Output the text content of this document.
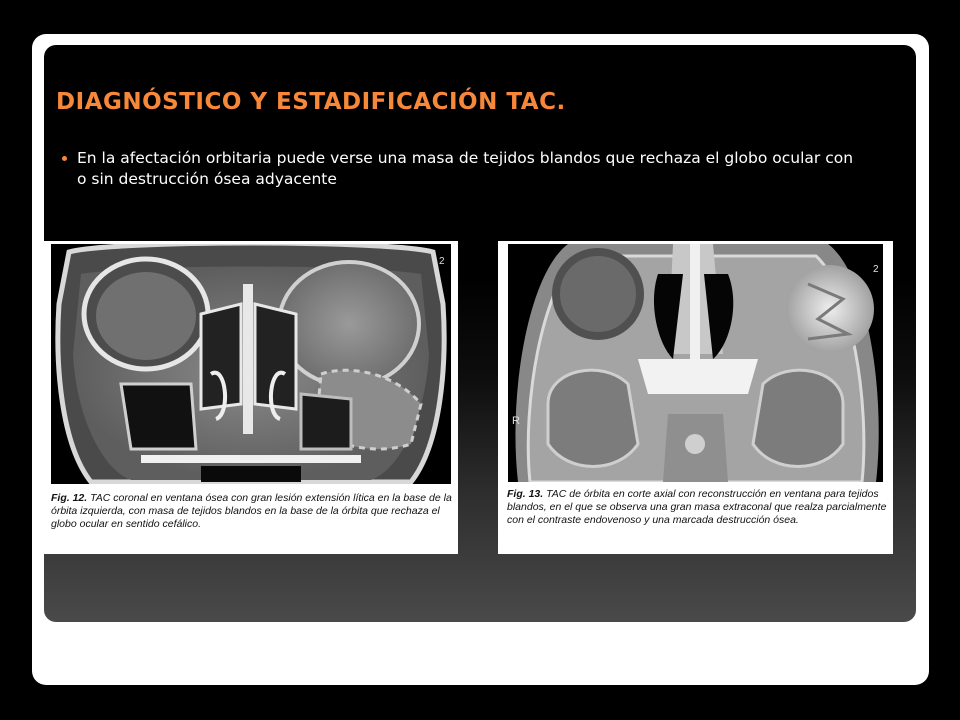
DIAGNÓSTICO Y ESTADIFICACIÓN TAC.

En la afectación orbitaria puede verse una masa de tejidos blandos que rechaza el globo ocular con o sin destrucción ósea adyacente

2

Fig. 12. TAC coronal en ventana ósea con gran lesión extensión lítica en la base de la órbita izquierda, con masa de tejidos blandos en la base de la órbita que rechaza el globo ocular en sentido cefálico.

2
R

Fig. 13. TAC de órbita en corte axial con reconstrucción en ventana para tejidos blandos, en el que se observa una gran masa extraconal que realza parcialmente con el contraste endovenoso y una marcada destrucción ósea.
